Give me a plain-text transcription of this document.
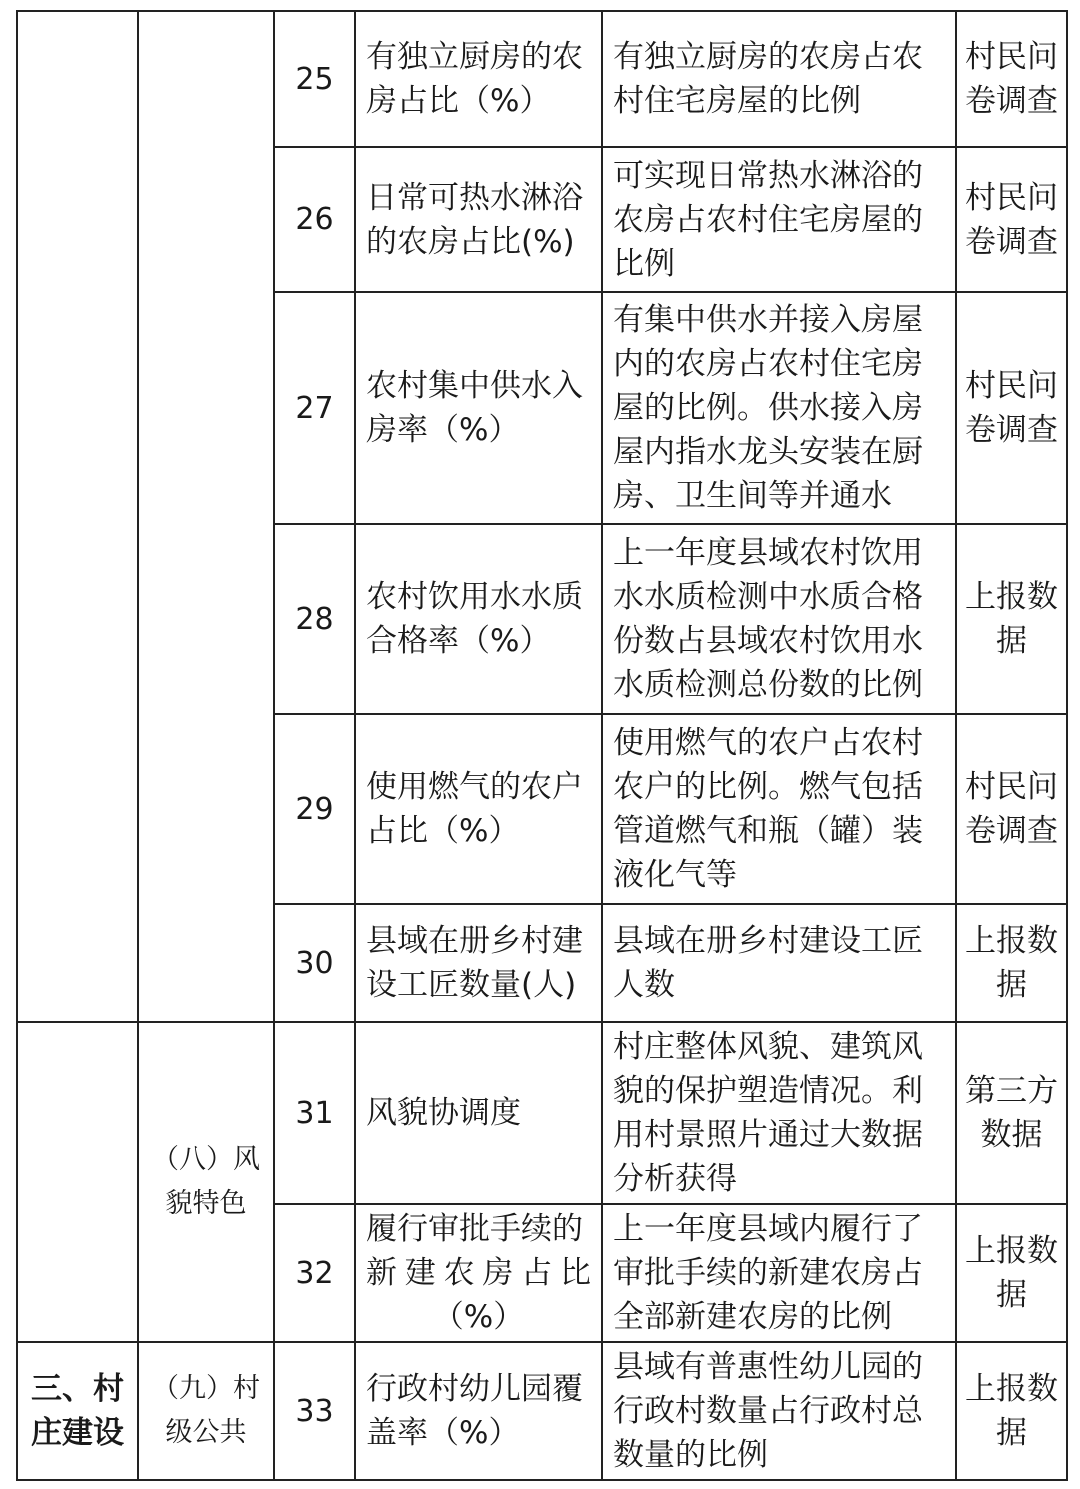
		25	有独立厨房的农房占比（%）	有独立厨房的农房占农村住宅房屋的比例	村民问卷调查

		26	日常可热水淋浴的农房占比(%)	可实现日常热水淋浴的农房占农村住宅房屋的比例	村民问卷调查

		27	农村集中供水入房率（%）	有集中供水并接入房屋内的农房占农村住宅房屋的比例。供水接入房屋内指水龙头安装在厨房、卫生间等并通水	村民问卷调查

		28	农村饮用水水质合格率（%）	上一年度县域农村饮用水水质检测中水质合格份数占县域农村饮用水水质检测总份数的比例	上报数据

		29	使用燃气的农户占比（%）	使用燃气的农户占农村农户的比例。燃气包括管道燃气和瓶（罐）装液化气等	村民问卷调查

		30	县域在册乡村建设工匠数量(人)	县域在册乡村建设工匠人数	上报数据

	（八）风貌特色	31	风貌协调度	村庄整体风貌、建筑风貌的保护塑造情况。利用村景照片通过大数据分析获得	第三方数据

		32	履行审批手续的
新建农房占比
（%）	上一年度县域内履行了审批手续的新建农房占全部新建农房的比例	上报数据

三、村庄建设	（九）村级公共	33	行政村幼儿园覆盖率（%）	县域有普惠性幼儿园的行政村数量占行政村总数量的比例	上报数据
